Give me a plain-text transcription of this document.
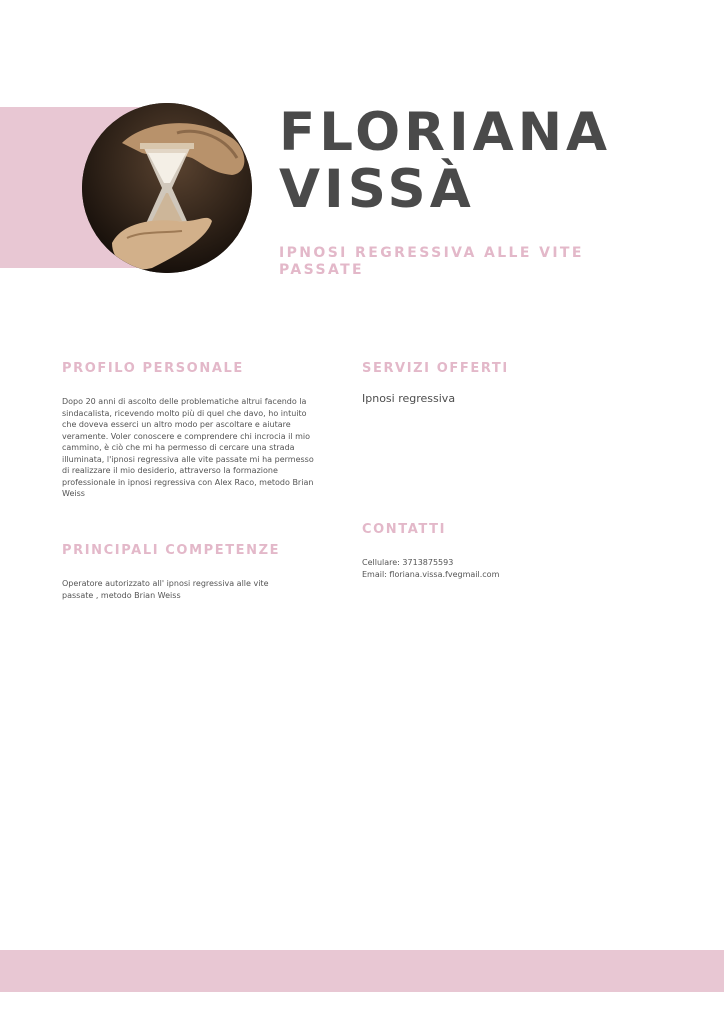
FLORIANA
VISSÀ

IPNOSI REGRESSIVA ALLE VITE PASSATE

PROFILO PERSONALE

Dopo 20 anni di ascolto delle problematiche altrui facendo la sindacalista, ricevendo molto più di quel che davo, ho intuito che doveva esserci un altro modo per ascoltare e aiutare veramente. Voler conoscere e comprendere chi incrocia il mio cammino, è ciò che mi ha permesso di cercare una strada illuminata, l'ipnosi regressiva alle vite passate mi ha permesso di realizzare il mio desiderio, attraverso la formazione professionale in ipnosi regressiva con Alex Raco, metodo Brian Weiss

PRINCIPALI COMPETENZE

Operatore autorizzato all' ipnosi regressiva alle vite passate , metodo Brian Weiss

SERVIZI OFFERTI

Ipnosi regressiva

CONTATTI

Cellulare: 3713875593
Email: floriana.vissa.fvegmail.com
